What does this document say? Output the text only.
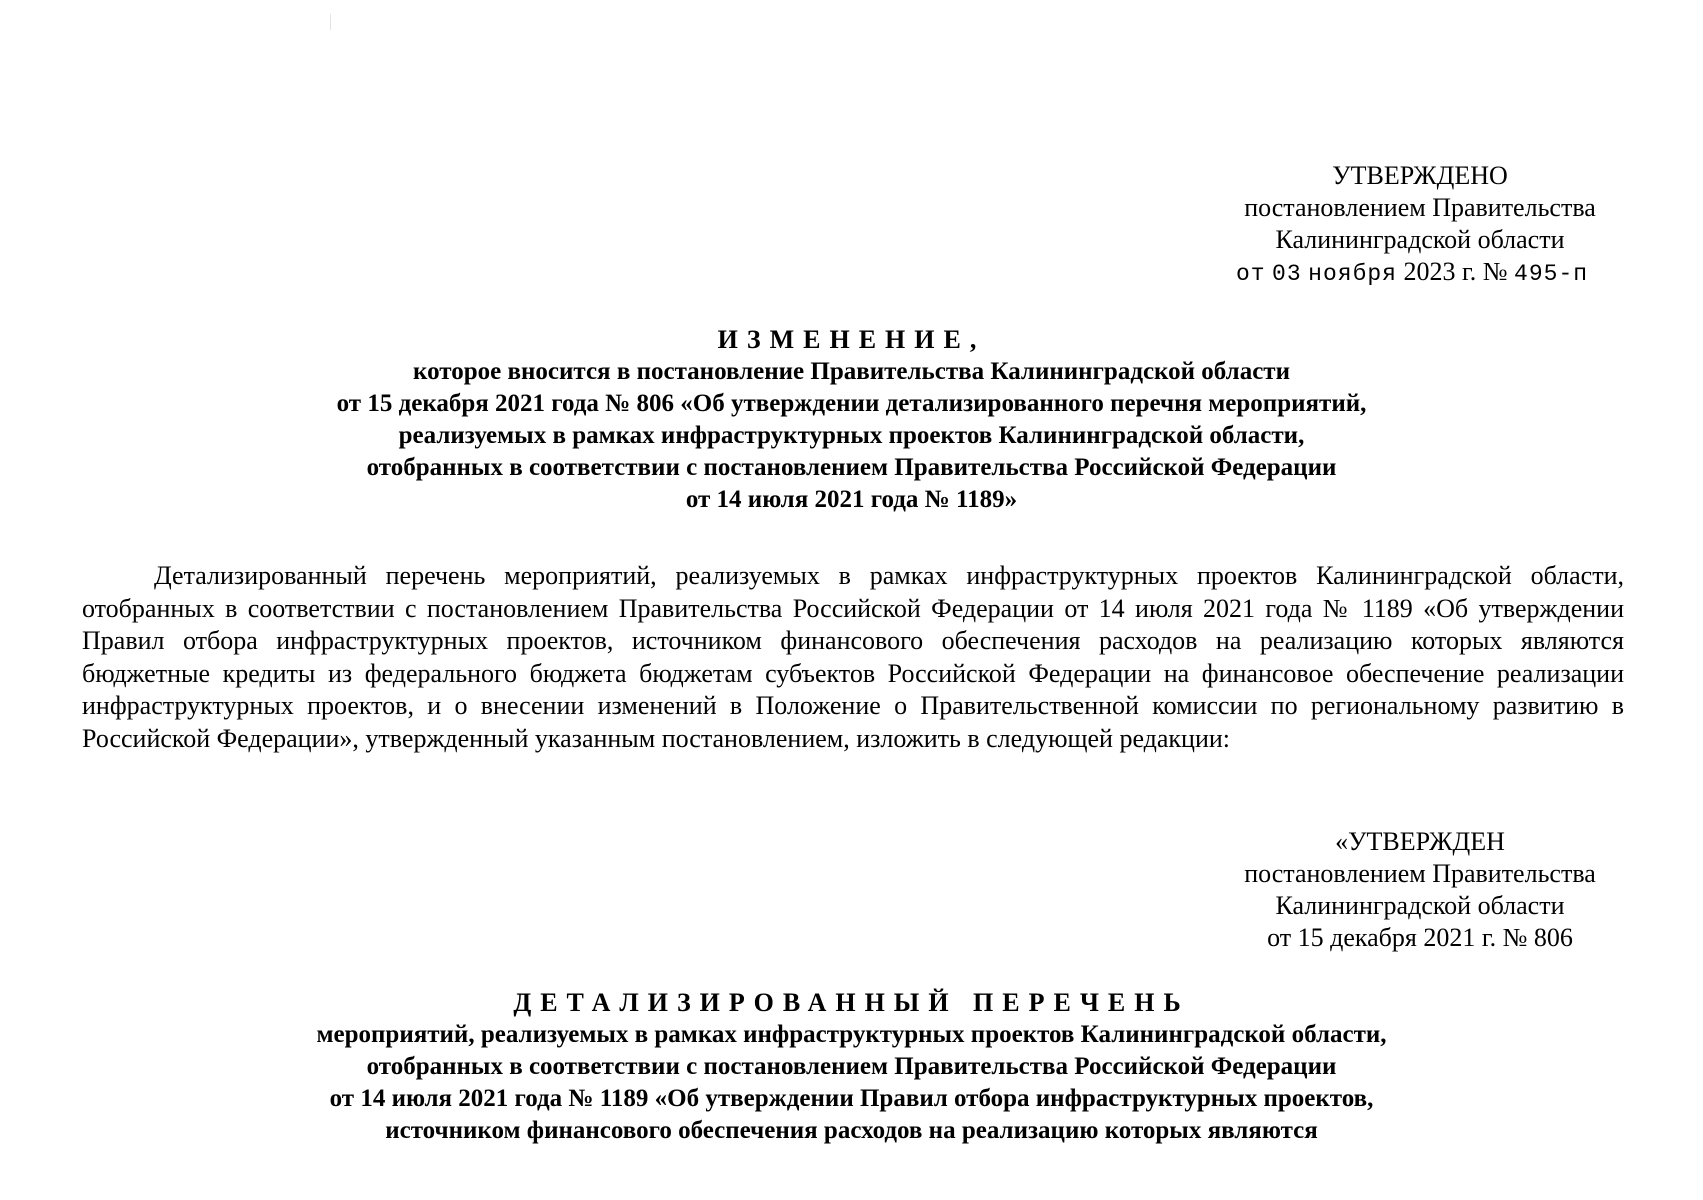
УТВЕРЖДЕНО
постановлением Правительства
Калининградской области
от 03 ноября 2023 г. № 495-п
ИЗМЕНЕНИЕ,
которое вносится в постановление Правительства Калининградской области
от 15 декабря 2021 года № 806 «Об утверждении детализированного перечня мероприятий,
реализуемых в рамках инфраструктурных проектов Калининградской области,
отобранных в соответствии с постановлением Правительства Российской Федерации
от 14 июля 2021 года № 1189»

Детализированный перечень мероприятий, реализуемых в рамках инфраструктурных проектов Калининградской области, отобранных в соответствии с постановлением Правительства Российской Федерации от 14 июля 2021 года № 1189 «Об утверждении Правил отбора инфраструктурных проектов, источником финансового обеспечения расходов на реализацию которых являются бюджетные кредиты из федерального бюджета бюджетам субъектов Российской Федерации на финансовое обеспечение реализации инфраструктурных проектов, и о внесении изменений в Положение о Правительственной комиссии по региональному развитию в Российской Федерации», утвержденный указанным постановлением, изложить в следующей редакции:

«УТВЕРЖДЕН
постановлением Правительства
Калининградской области
от 15 декабря 2021 г. № 806
ДЕТАЛИЗИРОВАННЫЙ ПЕРЕЧЕНЬ
мероприятий, реализуемых в рамках инфраструктурных проектов Калининградской области,
отобранных в соответствии с постановлением Правительства Российской Федерации
от 14 июля 2021 года № 1189 «Об утверждении Правил отбора инфраструктурных проектов,
источником финансового обеспечения расходов на реализацию которых являются
